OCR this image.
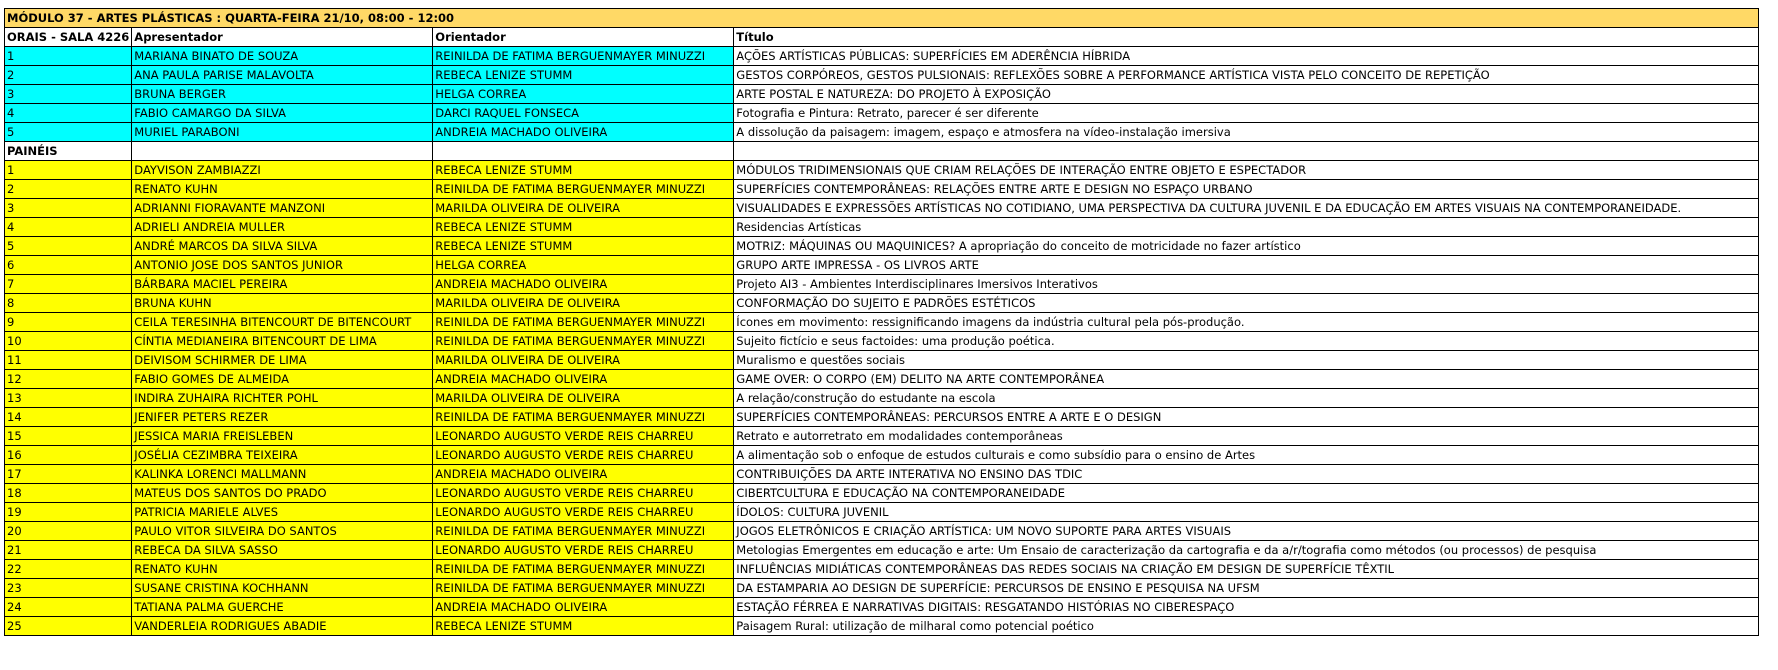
MÓDULO 37 - ARTES PLÁSTICAS : QUARTA-FEIRA 21/10, 08:00 - 12:00			
ORAIS - SALA 4226	Apresentador	Orientador	Título
1	MARIANA BINATO DE SOUZA	REINILDA DE FATIMA BERGUENMAYER MINUZZI	AÇÕES ARTÍSTICAS PÚBLICAS: SUPERFÍCIES EM ADERÊNCIA HÍBRIDA
2	ANA PAULA PARISE MALAVOLTA	REBECA LENIZE STUMM	GESTOS CORPÓREOS, GESTOS PULSIONAIS: REFLEXÕES SOBRE A PERFORMANCE ARTÍSTICA VISTA PELO CONCEITO DE REPETIÇÃO
3	BRUNA BERGER	HELGA CORREA	ARTE POSTAL E NATUREZA: DO PROJETO À EXPOSIÇÃO
4	FABIO CAMARGO DA SILVA	DARCI RAQUEL FONSECA	Fotografia e Pintura: Retrato, parecer é ser diferente
5	MURIEL PARABONI	ANDREIA MACHADO OLIVEIRA	A dissolução da paisagem: imagem, espaço e atmosfera na vídeo-instalação imersiva
PAINÉIS			
1	DAYVISON ZAMBIAZZI	REBECA LENIZE STUMM	MÓDULOS TRIDIMENSIONAIS QUE CRIAM RELAÇÕES DE INTERAÇÃO ENTRE OBJETO E ESPECTADOR
2	RENATO KUHN	REINILDA DE FATIMA BERGUENMAYER MINUZZI	SUPERFÍCIES CONTEMPORÂNEAS: RELAÇÕES ENTRE ARTE E DESIGN NO ESPAÇO URBANO
3	ADRIANNI FIORAVANTE MANZONI	MARILDA OLIVEIRA DE OLIVEIRA	VISUALIDADES E EXPRESSÕES ARTÍSTICAS NO COTIDIANO, UMA PERSPECTIVA DA CULTURA JUVENIL E DA EDUCAÇÃO EM ARTES VISUAIS NA CONTEMPORANEIDADE.
4	ADRIELI ANDREIA MULLER	REBECA LENIZE STUMM	Residencias Artísticas
5	ANDRÉ MARCOS DA SILVA SILVA	REBECA LENIZE STUMM	MOTRIZ: MÁQUINAS OU MAQUINICES? A apropriação do conceito de motricidade no fazer artístico
6	ANTONIO JOSE DOS SANTOS JUNIOR	HELGA CORREA	GRUPO ARTE IMPRESSA - OS LIVROS ARTE
7	BÁRBARA MACIEL PEREIRA	ANDREIA MACHADO OLIVEIRA	Projeto AI3 - Ambientes Interdisciplinares Imersivos Interativos
8	BRUNA KUHN	MARILDA OLIVEIRA DE OLIVEIRA	CONFORMAÇÃO DO SUJEITO E PADRÕES ESTÉTICOS
9	CEILA TERESINHA BITENCOURT DE BITENCOURT	REINILDA DE FATIMA BERGUENMAYER MINUZZI	Ícones em movimento: ressignificando imagens da indústria cultural pela pós-produção.
10	CÍNTIA MEDIANEIRA BITENCOURT DE LIMA	REINILDA DE FATIMA BERGUENMAYER MINUZZI	Sujeito fictício e seus factoides: uma produção poética.
11	DEIVISOM SCHIRMER DE LIMA	MARILDA OLIVEIRA DE OLIVEIRA	Muralismo e questões sociais
12	FABIO GOMES DE ALMEIDA	ANDREIA MACHADO OLIVEIRA	GAME OVER: O CORPO (EM) DELITO NA ARTE CONTEMPORÂNEA
13	INDIRA ZUHAIRA RICHTER POHL	MARILDA OLIVEIRA DE OLIVEIRA	A relação/construção do estudante na escola
14	JENIFER PETERS REZER	REINILDA DE FATIMA BERGUENMAYER MINUZZI	SUPERFÍCIES CONTEMPORÂNEAS: PERCURSOS ENTRE A ARTE E O DESIGN
15	JESSICA MARIA FREISLEBEN	LEONARDO AUGUSTO VERDE REIS CHARREU	Retrato e autorretrato em modalidades contemporâneas
16	JOSÉLIA CEZIMBRA TEIXEIRA	LEONARDO AUGUSTO VERDE REIS CHARREU	A alimentação sob o enfoque de estudos culturais e como subsídio para o ensino de Artes
17	KALINKA LORENCI MALLMANN	ANDREIA MACHADO OLIVEIRA	CONTRIBUIÇÕES DA ARTE INTERATIVA NO ENSINO DAS TDIC
18	MATEUS DOS SANTOS DO PRADO	LEONARDO AUGUSTO VERDE REIS CHARREU	CIBERTCULTURA E EDUCAÇÃO NA CONTEMPORANEIDADE
19	PATRICIA MARIELE ALVES	LEONARDO AUGUSTO VERDE REIS CHARREU	ÍDOLOS: CULTURA JUVENIL
20	PAULO VITOR SILVEIRA DO SANTOS	REINILDA DE FATIMA BERGUENMAYER MINUZZI	JOGOS ELETRÔNICOS E CRIAÇÃO ARTÍSTICA: UM NOVO SUPORTE PARA ARTES VISUAIS
21	REBECA DA SILVA SASSO	LEONARDO AUGUSTO VERDE REIS CHARREU	Metologias Emergentes em educação e arte: Um Ensaio de caracterização da cartografia e da a/r/tografia como métodos (ou processos) de pesquisa
22	RENATO KUHN	REINILDA DE FATIMA BERGUENMAYER MINUZZI	INFLUÊNCIAS MIDIÁTICAS CONTEMPORÂNEAS DAS REDES SOCIAIS NA CRIAÇÃO EM DESIGN DE SUPERFÍCIE TÊXTIL
23	SUSANE CRISTINA KOCHHANN	REINILDA DE FATIMA BERGUENMAYER MINUZZI	DA ESTAMPARIA AO DESIGN DE SUPERFÍCIE: PERCURSOS DE ENSINO E PESQUISA NA UFSM
24	TATIANA PALMA GUERCHE	ANDREIA MACHADO OLIVEIRA	ESTAÇÃO FÉRREA E NARRATIVAS DIGITAIS: RESGATANDO HISTÓRIAS NO CIBERESPAÇO
25	VANDERLEIA RODRIGUES ABADIE	REBECA LENIZE STUMM	Paisagem Rural: utilização de milharal como potencial poético
